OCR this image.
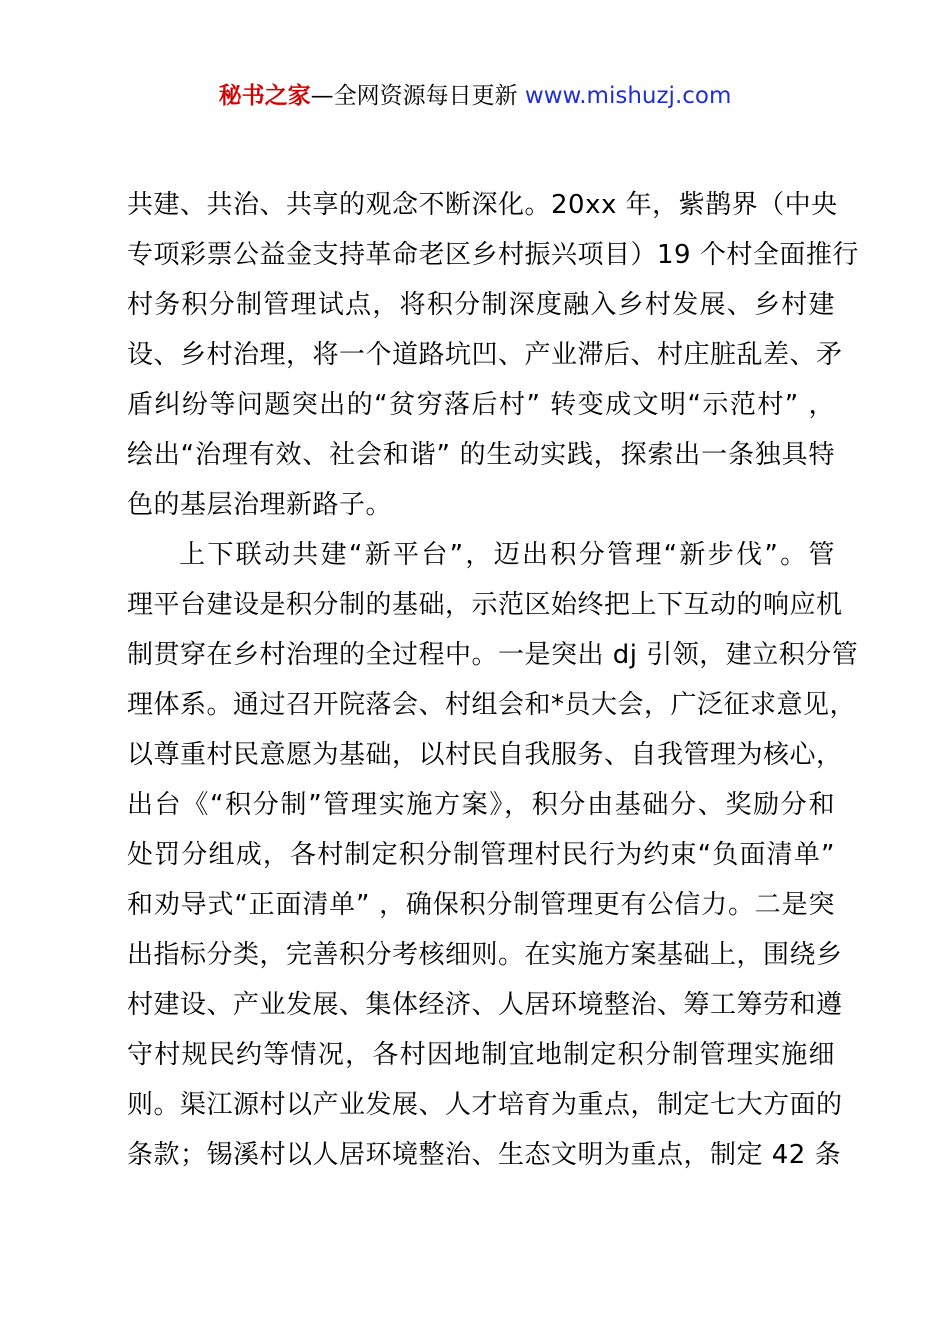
秘书之家—全网资源每日更新 www.mishuzj.com

共建、共治、共享的观念不断深化。20xx 年，紫鹊界（中央
专项彩票公益金支持革命老区乡村振兴项目）19 个村全面推行
村务积分制管理试点，将积分制深度融入乡村发展、乡村建
设、乡村治理，将一个道路坑凹、产业滞后、村庄脏乱差、矛
盾纠纷等问题突出的“贫穷落后村” 转变成文明“示范村” ，
绘出“治理有效、社会和谐” 的生动实践，探索出一条独具特
色的基层治理新路子。

上下联动共建“新平台”，迈出积分管理“新步伐”。管
理平台建设是积分制的基础，示范区始终把上下互动的响应机
制贯穿在乡村治理的全过程中。一是突出 dj 引领，建立积分管
理体系。通过召开院落会、村组会和*员大会，广泛征求意见，
以尊重村民意愿为基础，以村民自我服务、自我管理为核心，
出台《“积分制”管理实施方案》，积分由基础分、奖励分和
处罚分组成，各村制定积分制管理村民行为约束“负面清单”
和劝导式“正面清单” ，确保积分制管理更有公信力。二是突
出指标分类，完善积分考核细则。在实施方案基础上，围绕乡
村建设、产业发展、集体经济、人居环境整治、筹工筹劳和遵
守村规民约等情况，各村因地制宜地制定积分制管理实施细
则。渠江源村以产业发展、人才培育为重点，制定七大方面的
条款；锡溪村以人居环境整治、生态文明为重点，制定 42 条
